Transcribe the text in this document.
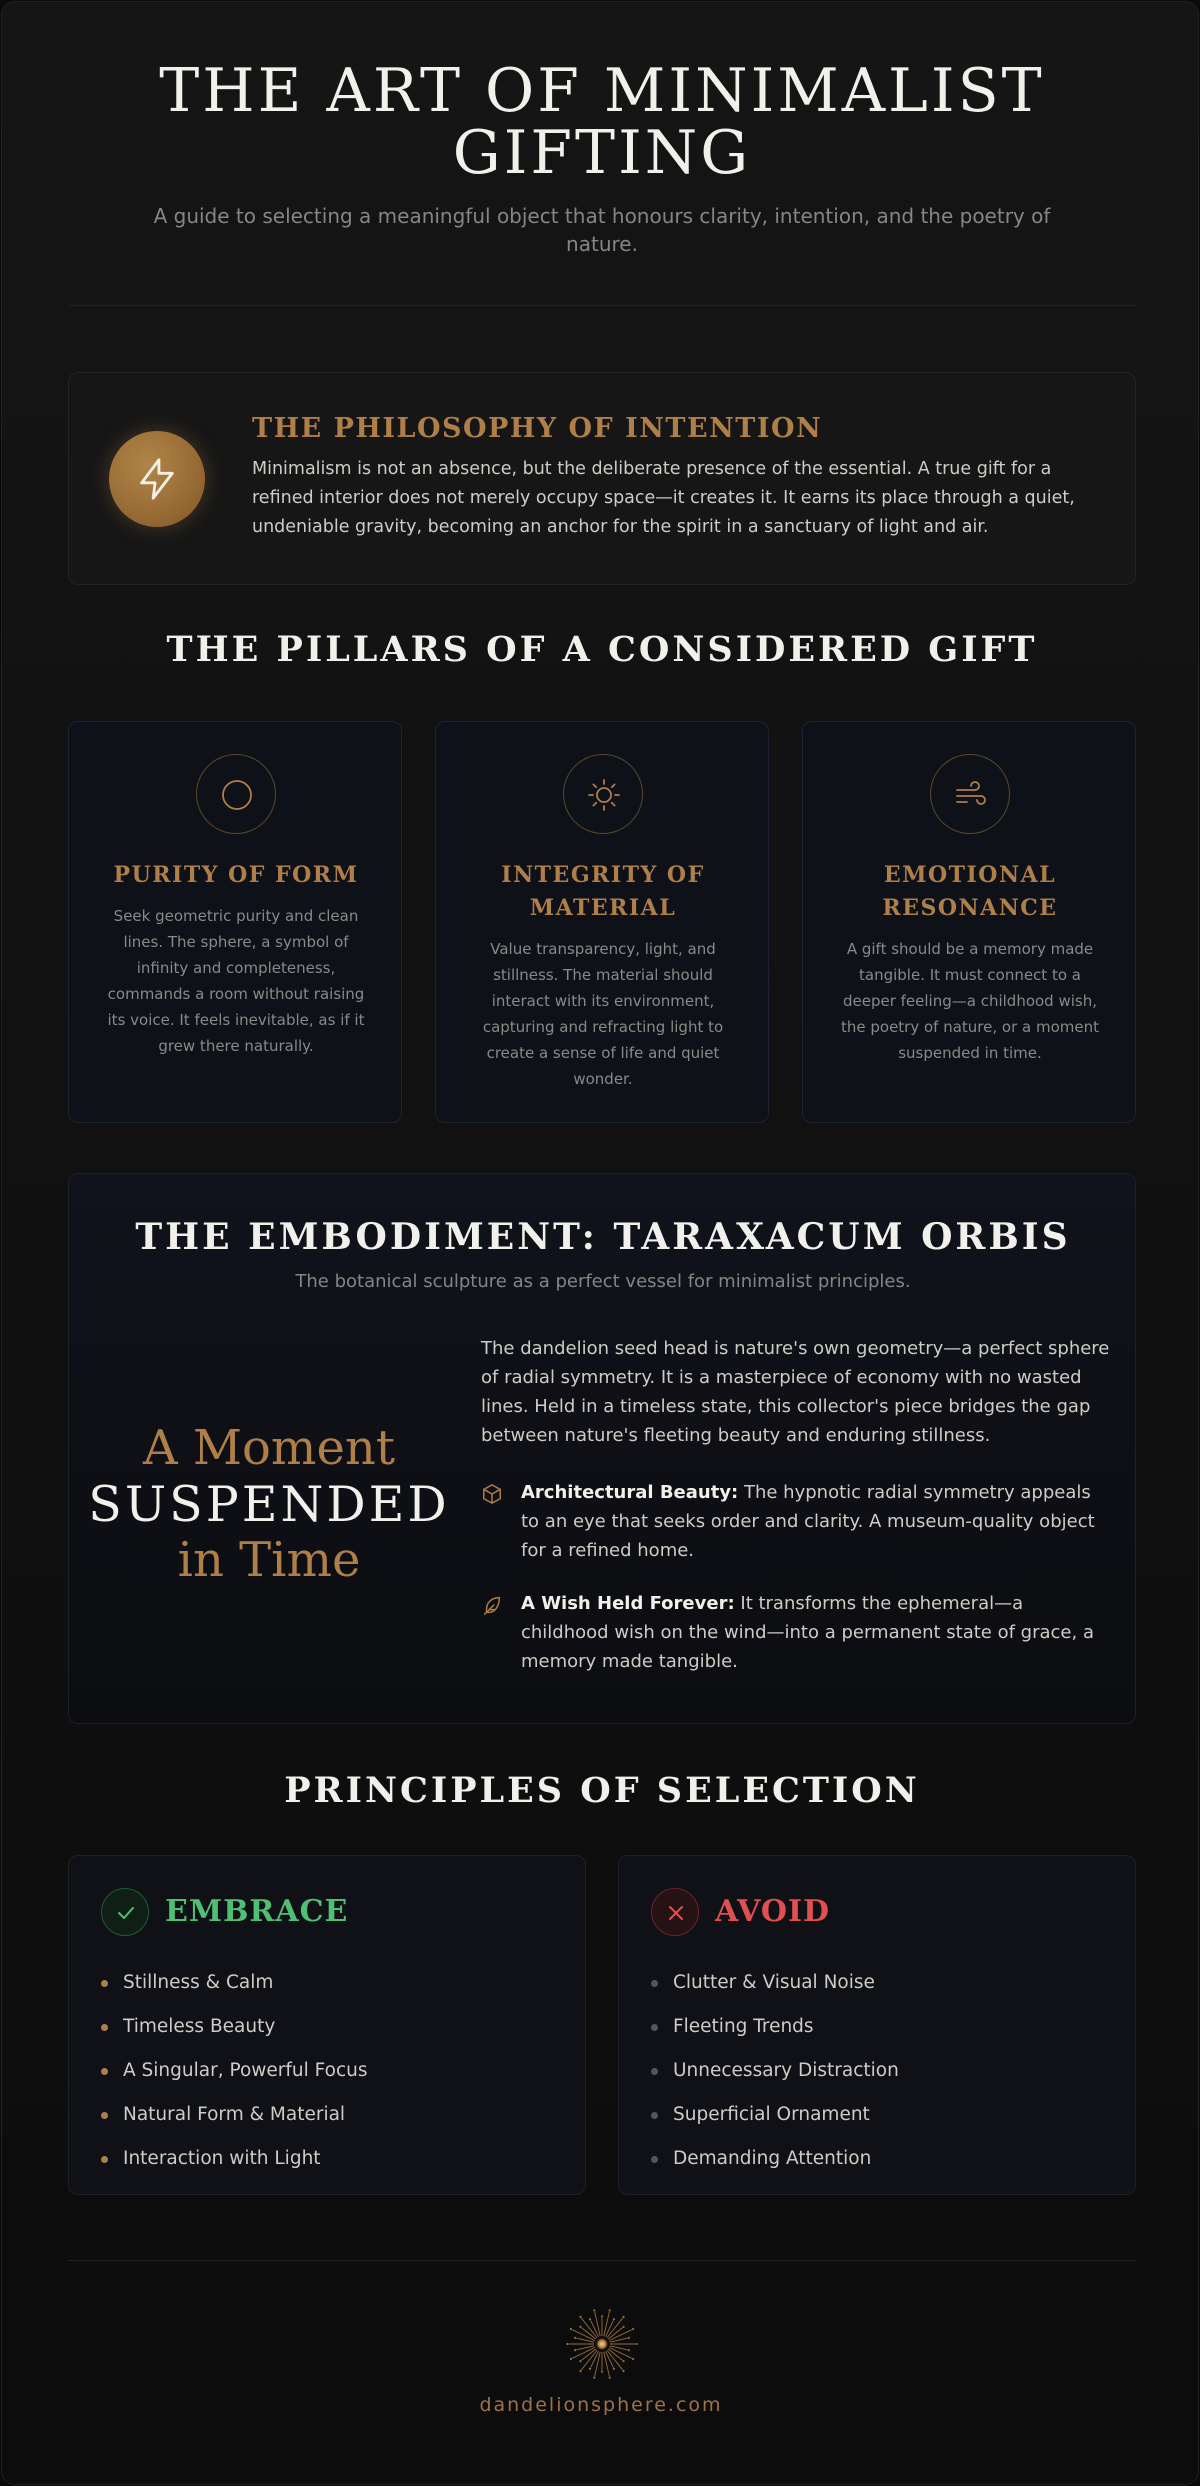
THE ART OF MINIMALIST GIFTING

A guide to selecting a meaningful object that honours clarity, intention, and the poetry of nature.

THE PHILOSOPHY OF INTENTION

Minimalism is not an absence, but the deliberate presence of the essential. A true gift for a refined interior does not merely occupy space—it creates it. It earns its place through a quiet, undeniable gravity, becoming an anchor for the spirit in a sanctuary of light and air.

THE PILLARS OF A CONSIDERED GIFT
PURITY OF FORM

Seek geometric purity and clean lines. The sphere, a symbol of infinity and completeness, commands a room without raising its voice. It feels inevitable, as if it grew there naturally.

INTEGRITY OF MATERIAL

Value transparency, light, and stillness. The material should interact with its environment, capturing and refracting light to create a sense of life and quiet wonder.

EMOTIONAL RESONANCE

A gift should be a memory made tangible. It must connect to a deeper feeling—a childhood wish, the poetry of nature, or a moment suspended in time.

THE EMBODIMENT: TARAXACUM ORBIS

The botanical sculpture as a perfect vessel for minimalist principles.

A Moment
SUSPENDED
in Time

The dandelion seed head is nature's own geometry—a perfect sphere of radial symmetry. It is a masterpiece of economy with no wasted lines. Held in a timeless state, this collector's piece bridges the gap between nature's fleeting beauty and enduring stillness.

Architectural Beauty: The hypnotic radial symmetry appeals to an eye that seeks order and clarity. A museum-quality object for a refined home.

A Wish Held Forever: It transforms the ephemeral—a childhood wish on the wind—into a permanent state of grace, a memory made tangible.

PRINCIPLES OF SELECTION
EMBRACE
Stillness & Calm
Timeless Beauty
A Singular, Powerful Focus
Natural Form & Material
Interaction with Light
AVOID
Clutter & Visual Noise
Fleeting Trends
Unnecessary Distraction
Superficial Ornament
Demanding Attention
dandelionsphere.com
